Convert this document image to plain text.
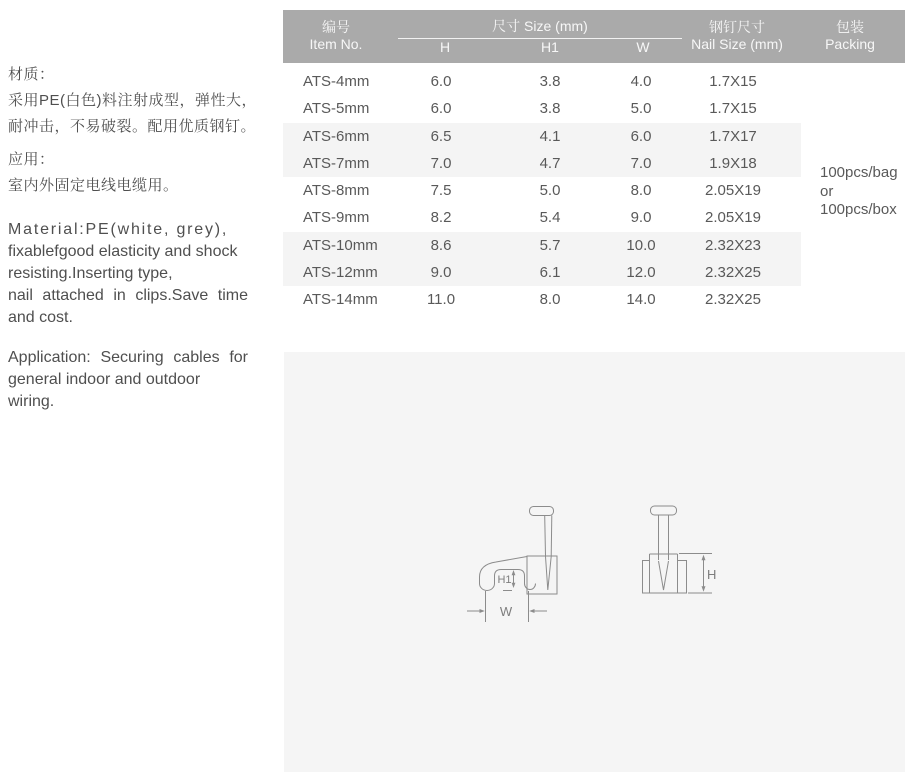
材质：
采用PE(白色)料注射成型，弹性大，
耐冲击，不易破裂。配用优质钢钉。
应用：
室内外固定电线电缆用。
Material:PE(white, grey),
fixablefgood elasticity and shock
resisting.Inserting type,
nail attached in clips.Save time
and cost.
Application: Securing cables for
general indoor and outdoor wiring.
编号
Item No.
尺寸 Size (mm)
H	H1	W
钢钉尺寸
Nail Size (mm)
包装
Packing
ATS-4mm	6.0	3.8	4.0	1.7X15
ATS-5mm	6.0	3.8	5.0	1.7X15
ATS-6mm	6.5	4.1	6.0	1.7X17
ATS-7mm	7.0	4.7	7.0	1.9X18
ATS-8mm	7.5	5.0	8.0	2.05X19
ATS-9mm	8.2	5.4	9.0	2.05X19
ATS-10mm	8.6	5.7	10.0	2.32X23
ATS-12mm	9.0	6.1	12.0	2.32X25
ATS-14mm	11.0	8.0	14.0	2.32X25
100pcs/bag
or
100pcs/box
H1
W
H
